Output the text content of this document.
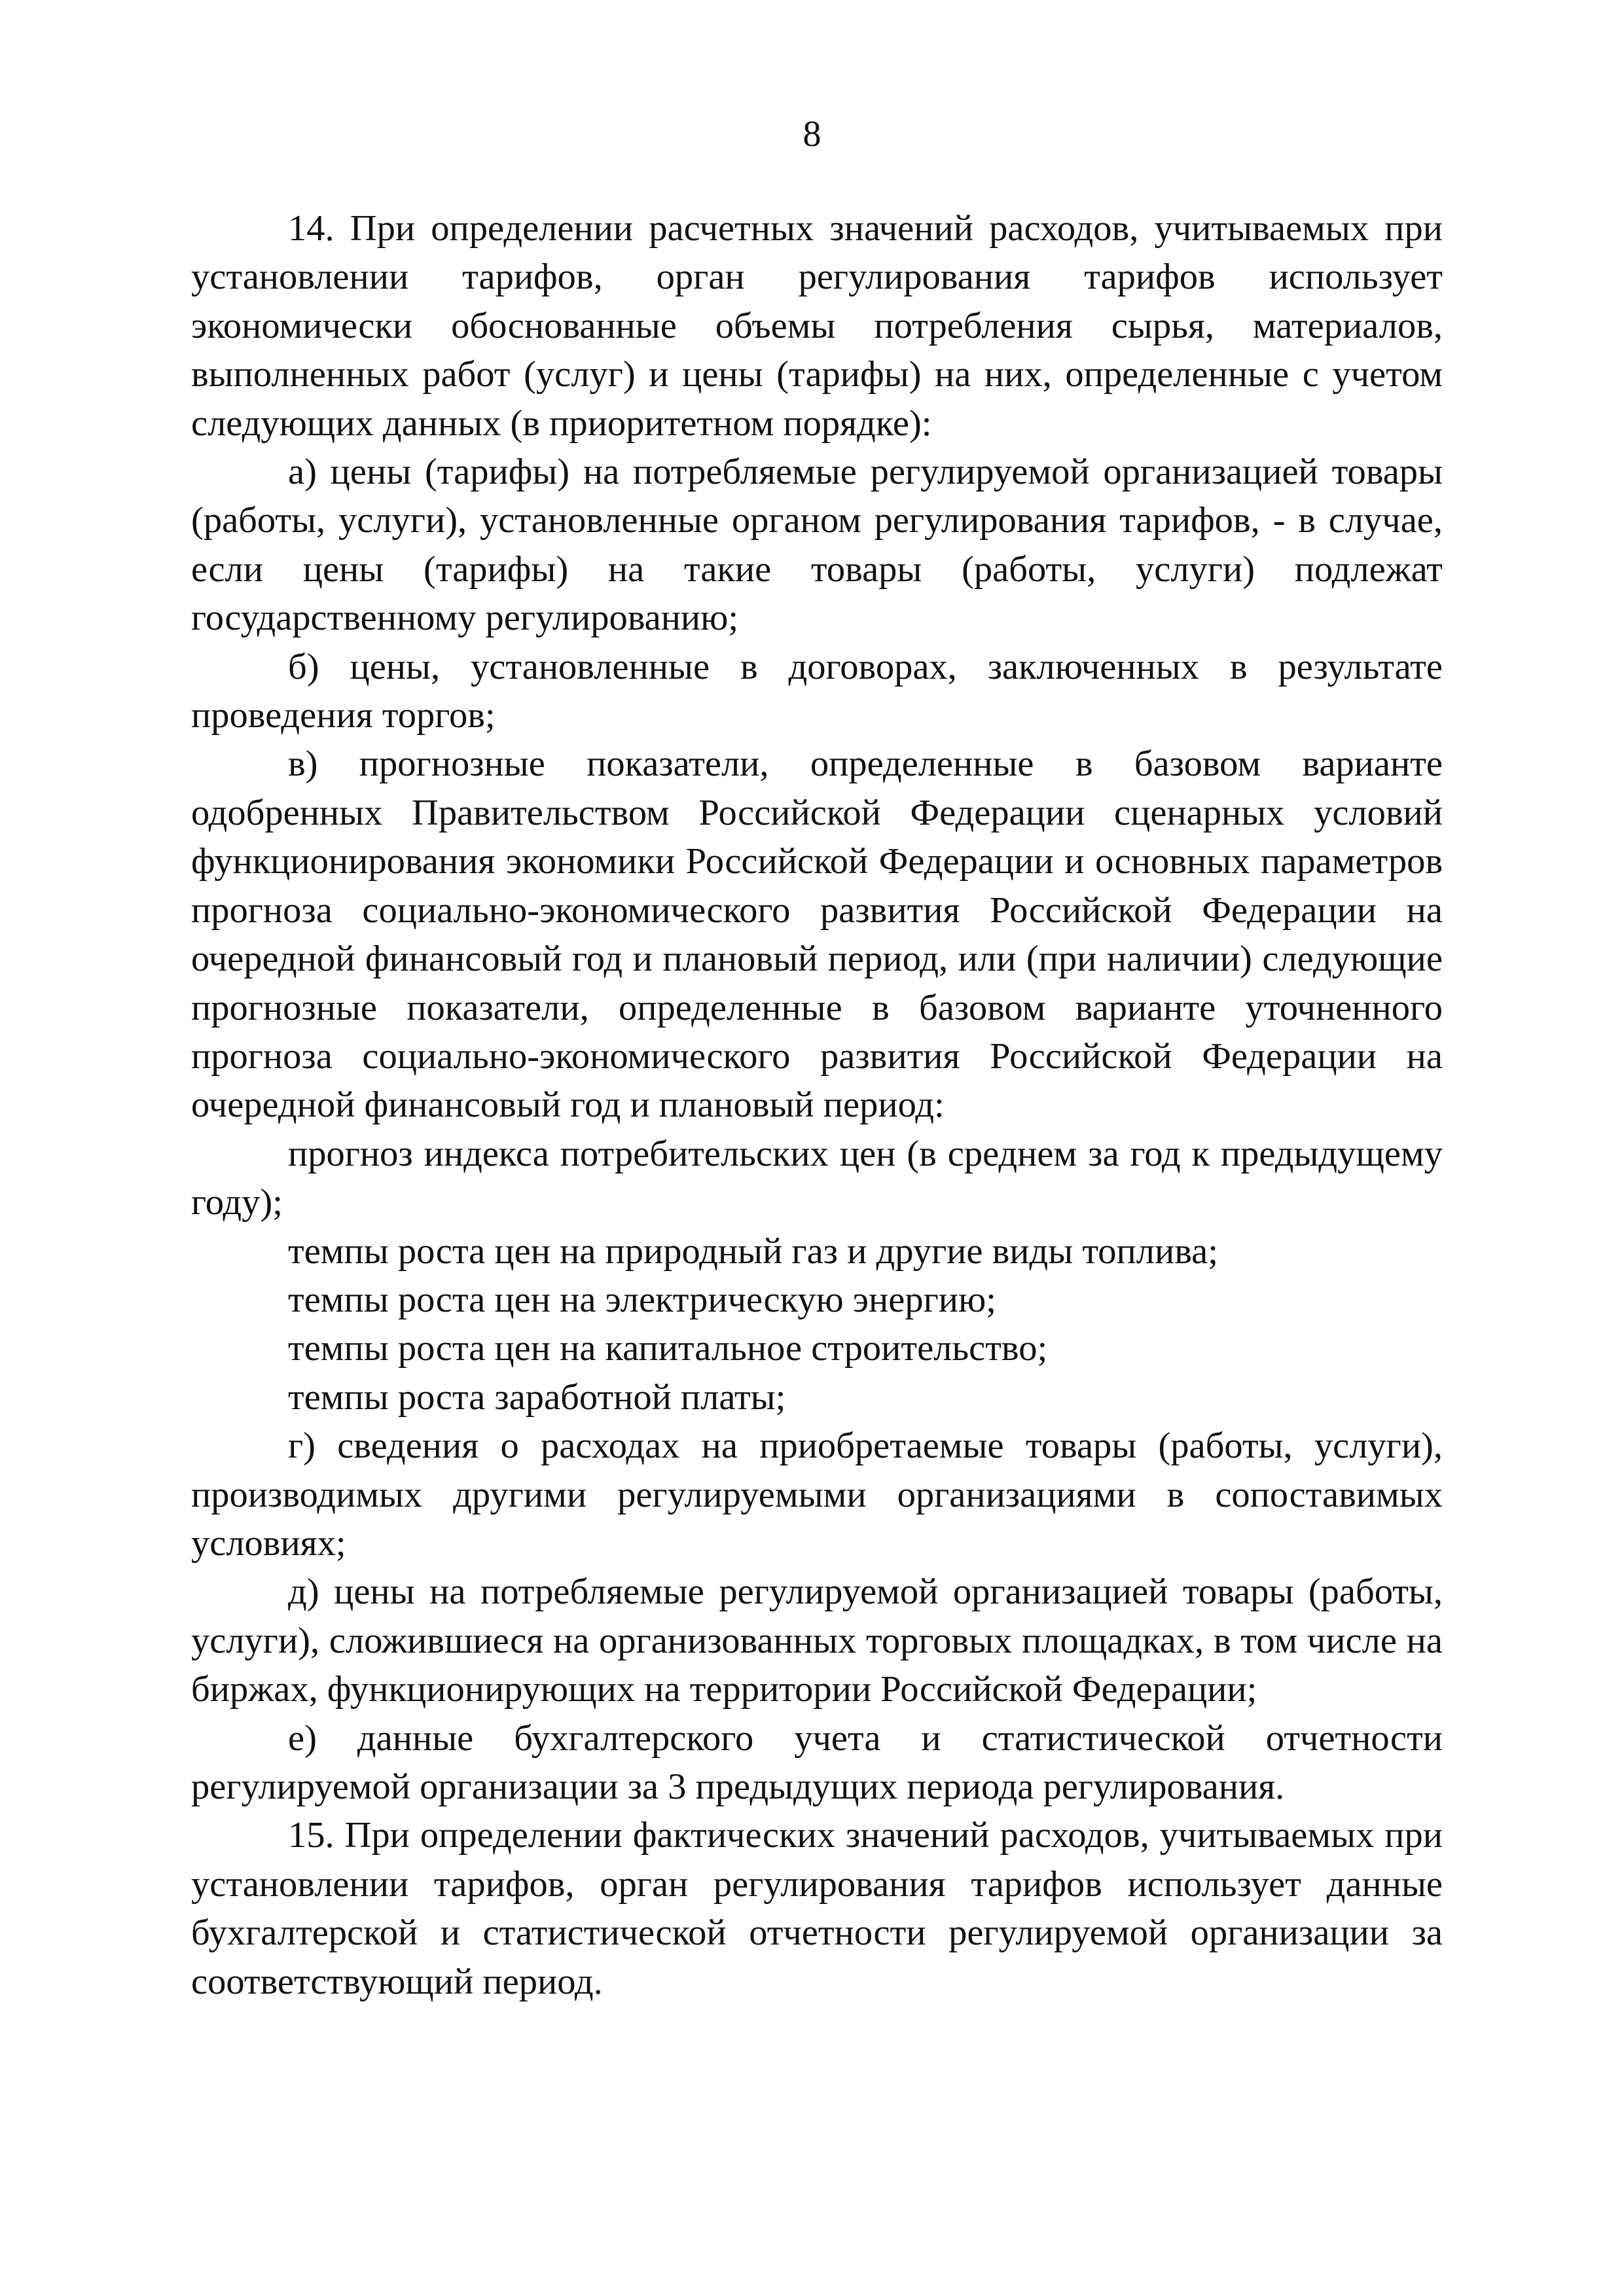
8

14. При определении расчетных значений расходов, учитываемых при установлении тарифов, орган регулирования тарифов использует экономически обоснованные объемы потребления сырья, материалов, выполненных работ (услуг) и цены (тарифы) на них, определенные с учетом следующих данных (в приоритетном порядке):

а) цены (тарифы) на потребляемые регулируемой организацией товары (работы, услуги), установленные органом регулирования тарифов, - в случае, если цены (тарифы) на такие товары (работы, услуги) подлежат государственному регулированию;

б) цены, установленные в договорах, заключенных в результате проведения торгов;

в) прогнозные показатели, определенные в базовом варианте одобренных Правительством Российской Федерации сценарных условий функционирования экономики Российской Федерации и основных параметров прогноза социально-экономического развития Российской Федерации на очередной финансовый год и плановый период, или (при наличии) следующие прогнозные показатели, определенные в базовом варианте уточненного прогноза социально-экономического развития Российской Федерации на очередной финансовый год и плановый период:

прогноз индекса потребительских цен (в среднем за год к предыдущему году);

темпы роста цен на природный газ и другие виды топлива;

темпы роста цен на электрическую энергию;

темпы роста цен на капитальное строительство;

темпы роста заработной платы;

г) сведения о расходах на приобретаемые товары (работы, услуги), производимых другими регулируемыми организациями в сопоставимых условиях;

д) цены на потребляемые регулируемой организацией товары (работы, услуги), сложившиеся на организованных торговых площадках, в том числе на биржах, функционирующих на территории Российской Федерации;

е) данные бухгалтерского учета и статистической отчетности регулируемой организации за 3 предыдущих периода регулирования.

15. При определении фактических значений расходов, учитываемых при установлении тарифов, орган регулирования тарифов использует данные бухгалтерской и статистической отчетности регулируемой организации за соответствующий период.
